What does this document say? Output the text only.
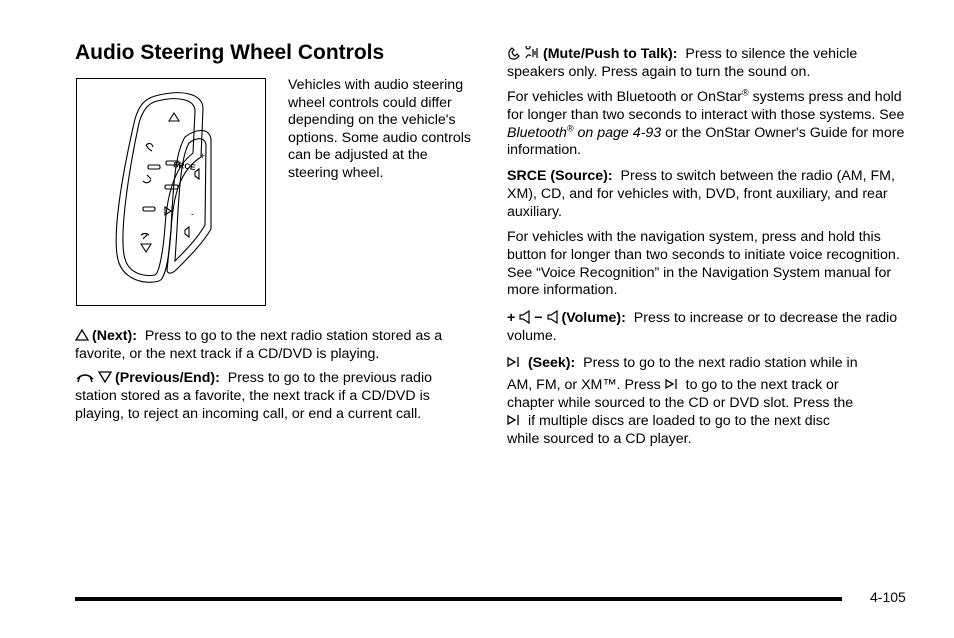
Audio Steering Wheel Controls
SRCE
+
-

Vehicles with audio steering wheel controls could differ depending on the vehicle's options. Some audio controls can be adjusted at the steering wheel.

(Next): Press to go to the next radio station stored as a favorite, or the next track if a CD/DVD is playing.

(Previous/End): Press to go to the previous radio station stored as a favorite, the next track if a CD/DVD is playing, to reject an incoming call, or end a current call.

(Mute/Push to Talk): Press to silence the vehicle speakers only. Press again to turn the sound on.

For vehicles with Bluetooth or OnStar® systems press and hold for longer than two seconds to interact with those systems. See Bluetooth® on page 4-93 or the OnStar Owner's Guide for more information.

SRCE (Source): Press to switch between the radio (AM, FM, XM), CD, and for vehicles with, DVD, front auxiliary, and rear auxiliary.

For vehicles with the navigation system, press and hold this button for longer than two seconds to initiate voice recognition. See “Voice Recognition” in the Navigation System manual for more information.

+ − (Volume): Press to increase or to decrease the radio volume.

(Seek): Press to go to the next radio station while in
AM, FM, or XM™. Press to go to the next track or
chapter while sourced to the CD or DVD slot. Press the
if multiple discs are loaded to go to the next disc
while sourced to a CD player.
4-105
